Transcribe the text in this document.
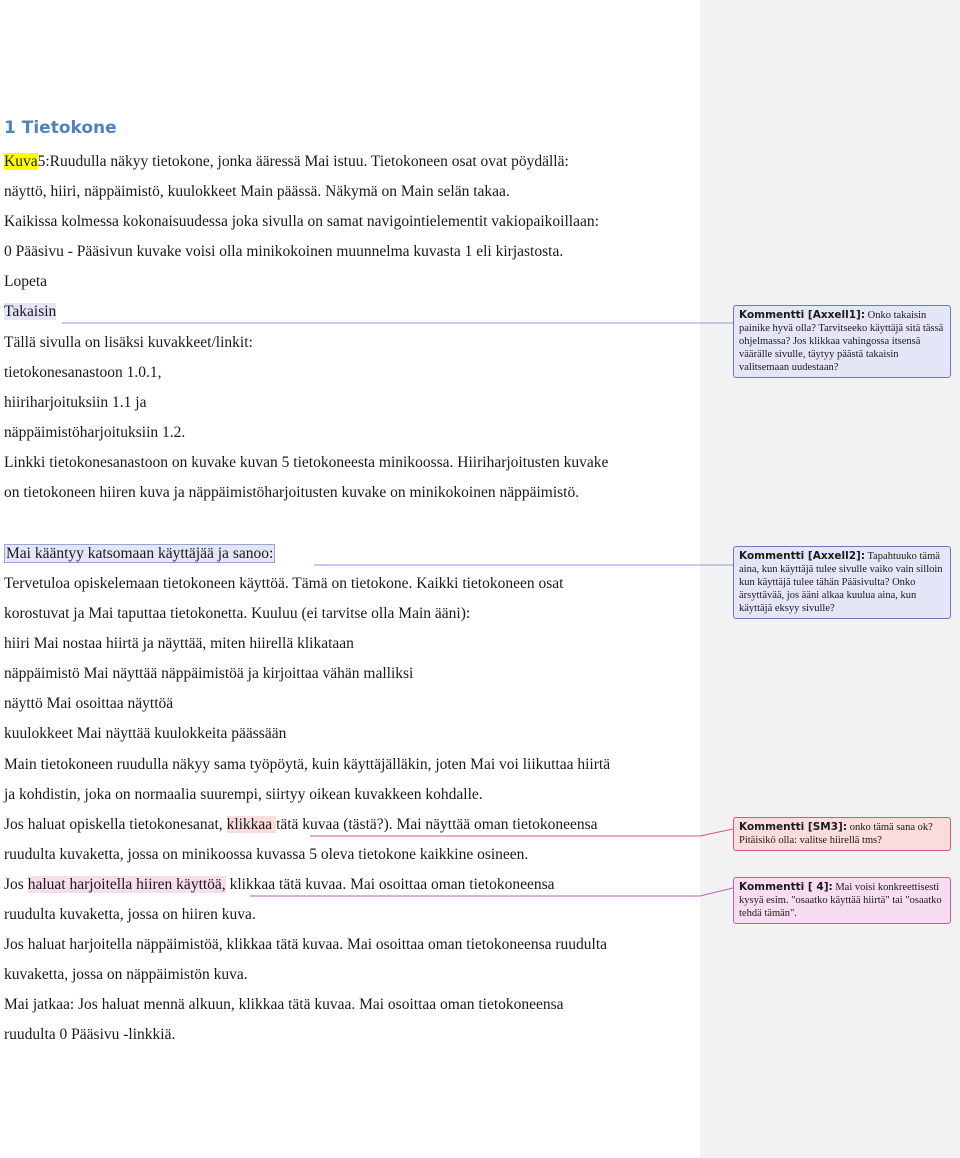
1 Tietokone
Kuva5:Ruudulla näkyy tietokone, jonka ääressä Mai istuu. Tietokoneen osat ovat pöydällä:
näyttö, hiiri, näppäimistö, kuulokkeet Main päässä. Näkymä on Main selän takaa.
Kaikissa kolmessa kokonaisuudessa joka sivulla on samat navigointielementit vakiopaikoillaan:
0 Pääsivu - Pääsivun kuvake voisi olla minikokoinen muunnelma kuvasta 1 eli kirjastosta.
Lopeta
Takaisin
Tällä sivulla on lisäksi kuvakkeet/linkit:
tietokonesanastoon 1.0.1,
hiiriharjoituksiin 1.1 ja
näppäimistöharjoituksiin 1.2.
Linkki tietokonesanastoon on kuvake kuvan 5 tietokoneesta minikoossa. Hiiriharjoitusten kuvake
on tietokoneen hiiren kuva ja näppäimistöharjoitusten kuvake on minikokoinen näppäimistö.
Mai kääntyy katsomaan käyttäjää ja sanoo:
Tervetuloa opiskelemaan tietokoneen käyttöä. Tämä on tietokone. Kaikki tietokoneen osat
korostuvat ja Mai taputtaa tietokonetta. Kuuluu (ei tarvitse olla Main ääni):
hiiri Mai nostaa hiirtä ja näyttää, miten hiirellä klikataan
näppäimistö Mai näyttää näppäimistöä ja kirjoittaa vähän malliksi
näyttö Mai osoittaa näyttöä
kuulokkeet Mai näyttää kuulokkeita päässään
Main tietokoneen ruudulla näkyy sama työpöytä, kuin käyttäjälläkin, joten Mai voi liikuttaa hiirtä
ja kohdistin, joka on normaalia suurempi, siirtyy oikean kuvakkeen kohdalle.
Jos haluat opiskella tietokonesanat, klikkaa tätä kuvaa (tästä?). Mai näyttää oman tietokoneensa
ruudulta kuvaketta, jossa on minikoossa kuvassa 5 oleva tietokone kaikkine osineen.
Jos haluat harjoitella hiiren käyttöä, klikkaa tätä kuvaa. Mai osoittaa oman tietokoneensa
ruudulta kuvaketta, jossa on hiiren kuva.
Jos haluat harjoitella näppäimistöä, klikkaa tätä kuvaa. Mai osoittaa oman tietokoneensa ruudulta
kuvaketta, jossa on näppäimistön kuva.
Mai jatkaa: Jos haluat mennä alkuun, klikkaa tätä kuvaa. Mai osoittaa oman tietokoneensa
ruudulta 0 Pääsivu -linkkiä.
Kommentti [Axxell1]: Onko takaisin painike hyvä olla? Tarvitseeko käyttäjä sitä tässä ohjelmassa? Jos klikkaa vahingossa itsensä väärälle sivulle, täytyy päästä takaisin valitsemaan uudestaan?
Kommentti [Axxell2]: Tapahtuuko tämä aina, kun käyttäjä tulee sivulle vaiko vain silloin kun käyttäjä tulee tähän Pääsivulta? Onko ärsyttävää, jos ääni alkaa kuulua aina, kun käyttäjä eksyy sivulle?
Kommentti [SM3]: onko tämä sana ok? Pitäisikö olla: valitse hiirellä tms?
Kommentti [ 4]: Mai voisi konkreettisesti kysyä esim. "osaatko käyttää hiirtä" tai "osaatko tehdä tämän".
